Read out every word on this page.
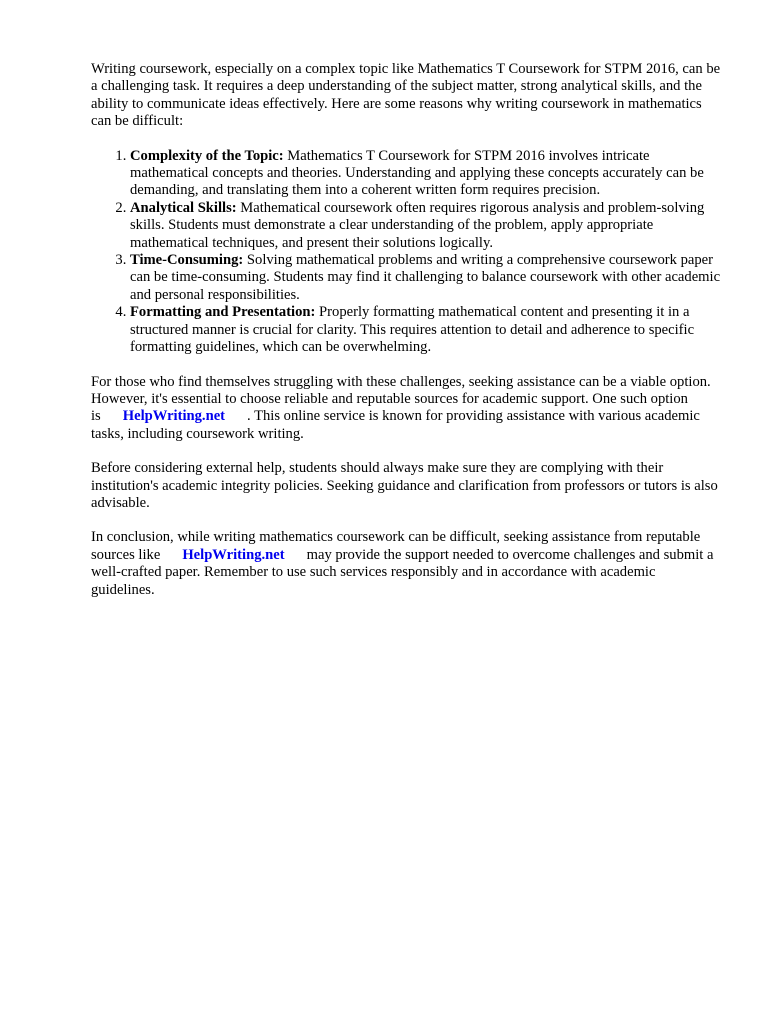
Writing coursework, especially on a complex topic like Mathematics T Coursework for STPM 2016, can be a challenging task. It requires a deep understanding of the subject matter, strong analytical skills, and the ability to communicate ideas effectively. Here are some reasons why writing coursework in mathematics can be difficult:

1. Complexity of the Topic: Mathematics T Coursework for STPM 2016 involves intricate mathematical concepts and theories. Understanding and applying these concepts accurately can be demanding, and translating them into a coherent written form requires precision.
2. Analytical Skills: Mathematical coursework often requires rigorous analysis and problem-solving skills. Students must demonstrate a clear understanding of the problem, apply appropriate mathematical techniques, and present their solutions logically.
3. Time-Consuming: Solving mathematical problems and writing a comprehensive coursework paper can be time-consuming. Students may find it challenging to balance coursework with other academic and personal responsibilities.
4. Formatting and Presentation: Properly formatting mathematical content and presenting it in a structured manner is crucial for clarity. This requires attention to detail and adherence to specific formatting guidelines, which can be overwhelming.

For those who find themselves struggling with these challenges, seeking assistance can be a viable option. However, it's essential to choose reliable and reputable sources for academic support. One such option is HelpWriting.net . This online service is known for providing assistance with various academic tasks, including coursework writing.

Before considering external help, students should always make sure they are complying with their institution's academic integrity policies. Seeking guidance and clarification from professors or tutors is also advisable.

In conclusion, while writing mathematics coursework can be difficult, seeking assistance from reputable sources like HelpWriting.net may provide the support needed to overcome challenges and submit a well-crafted paper. Remember to use such services responsibly and in accordance with academic guidelines.
